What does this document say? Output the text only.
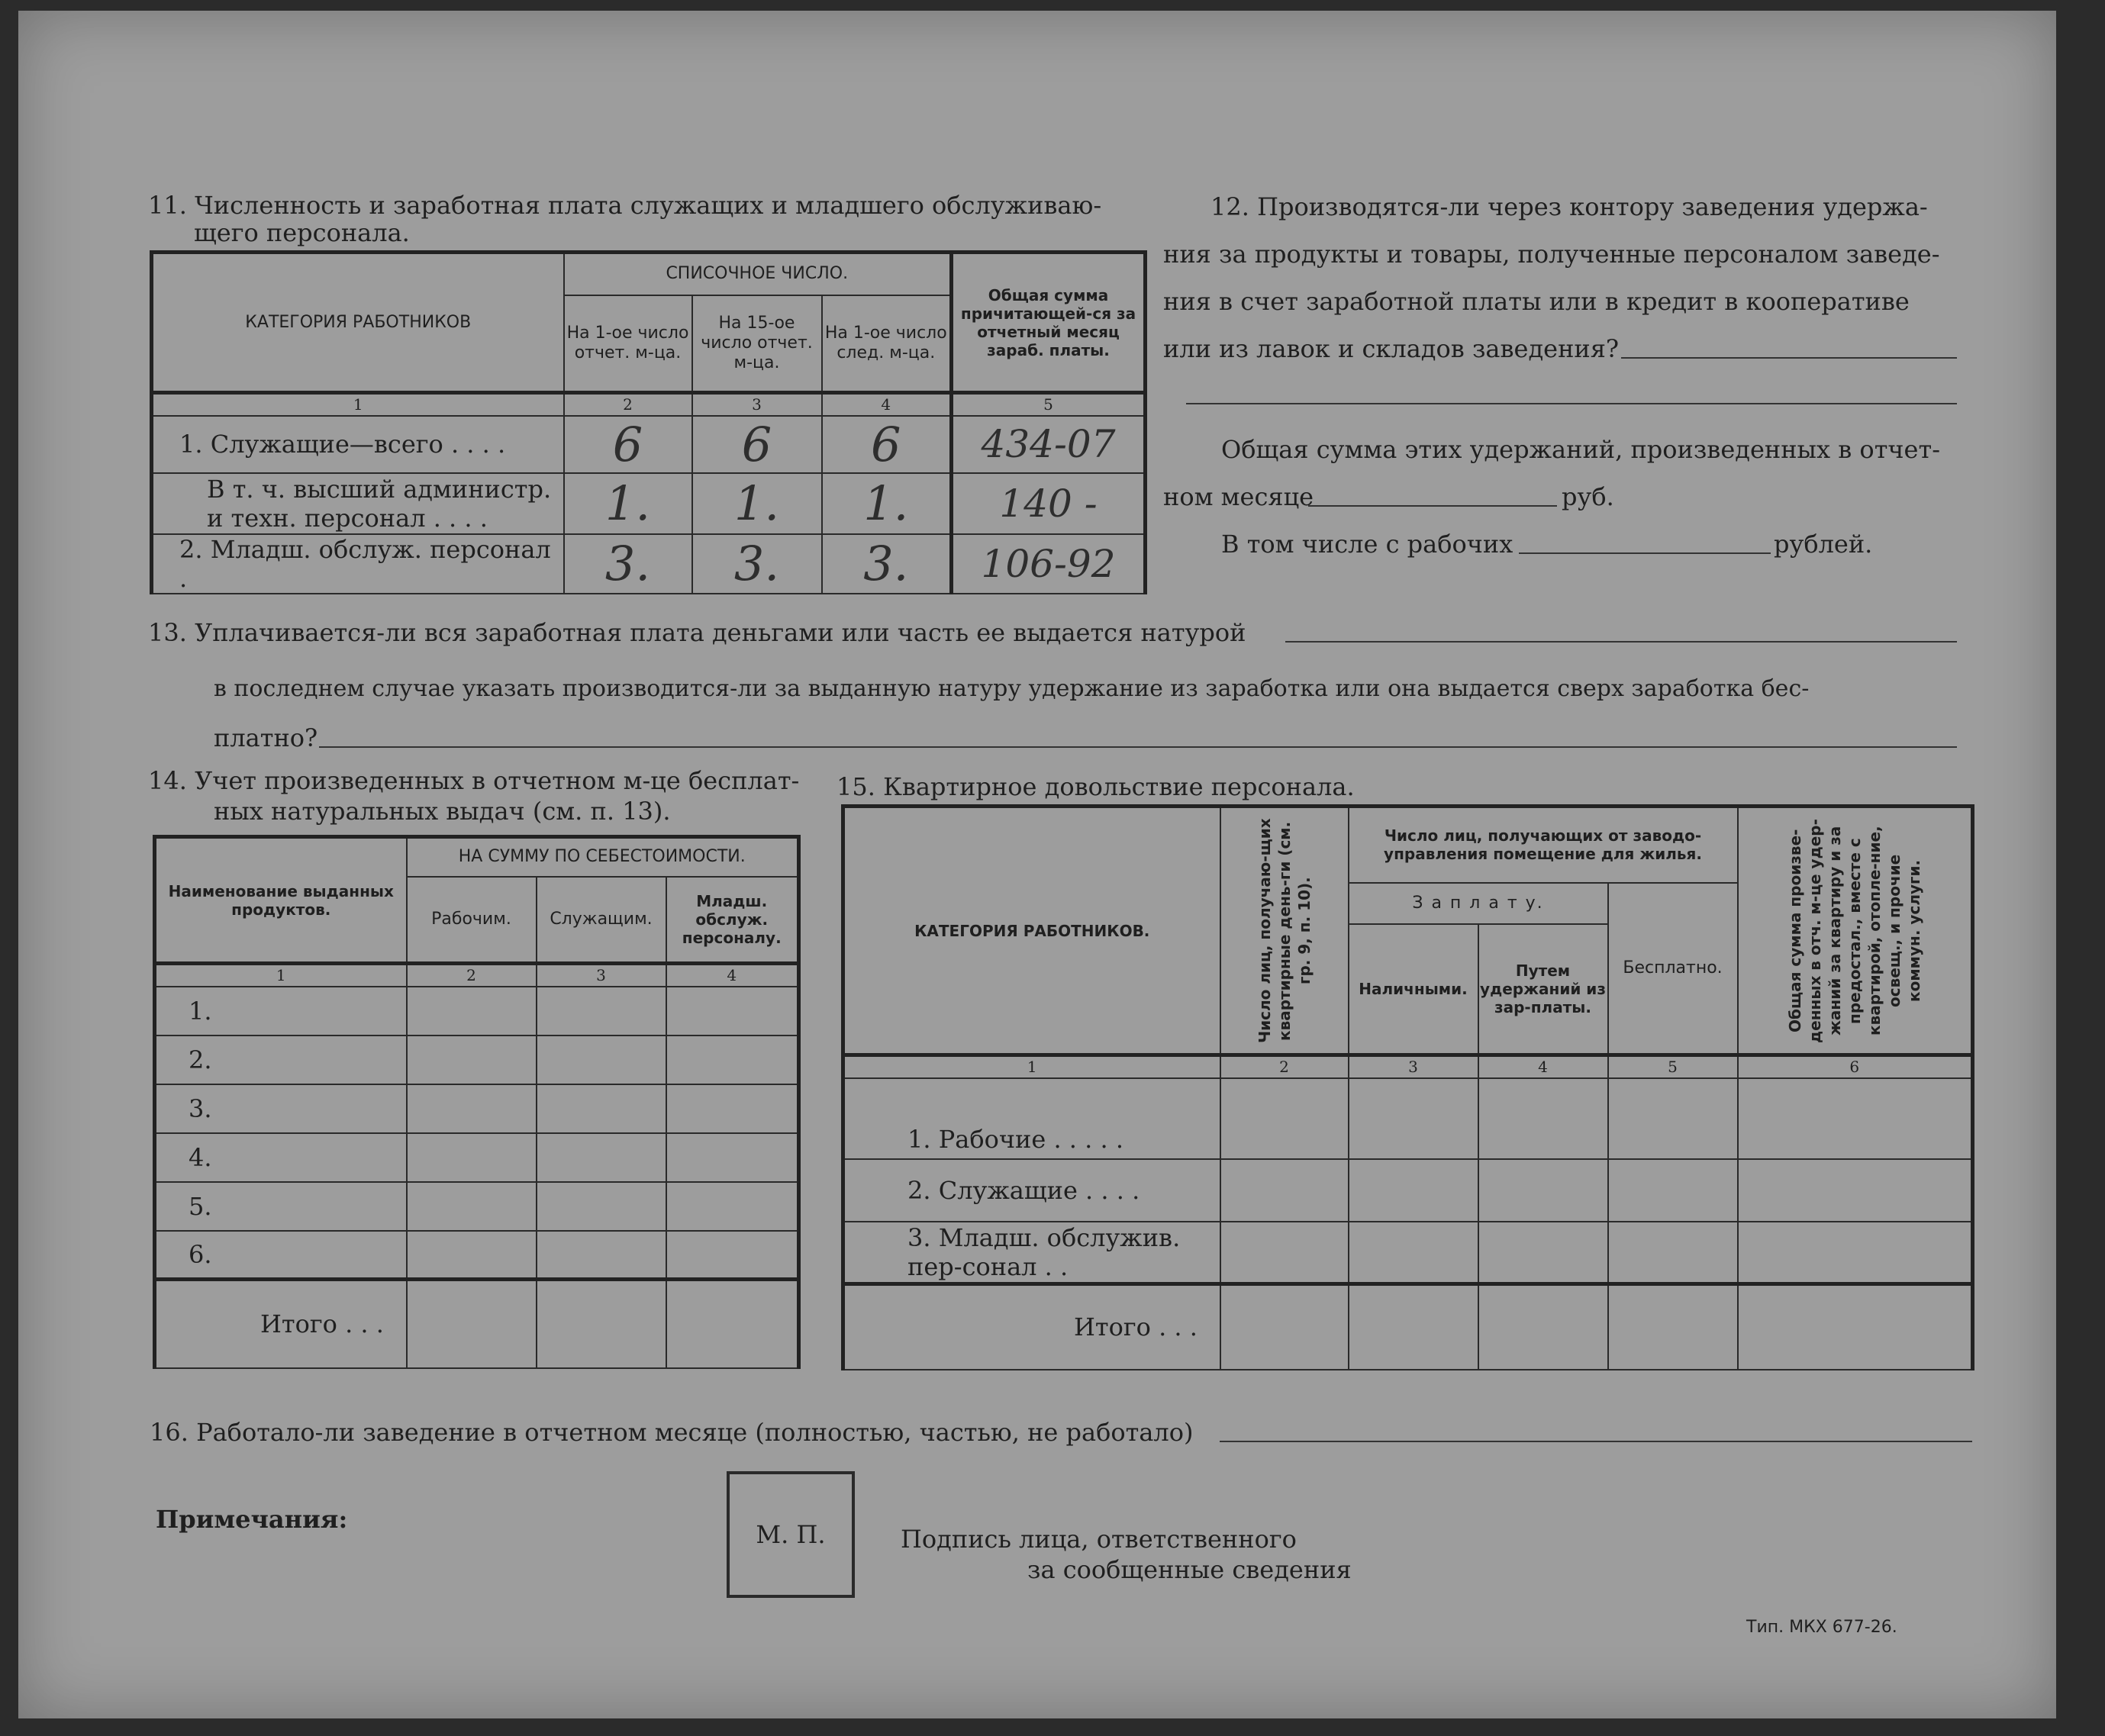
11. Численность и заработная плата служащих и младшего обслуживаю-
щего персонала.
КАТЕГОРИЯ РАБОТНИКОВ	СПИСОЧНОЕ ЧИСЛО.			Общая сумма причитающей-ся за отчетный месяц зараб. платы.
	На 1-ое число отчет. м-ца.	На 15-ое число отчет. м-ца.	На 1-ое число след. м-ца.	
1	2	3	4	5
1. Служащие—всего . . . .	6	6	6	434-07
В т. ч. высший администр. и техн. персонал . . . .	1.	1.	1.	140 -
2. Младш. обслуж. персонал .	3.	3.	3.	106-92
12. Производятся-ли через контору заведения удержа-
ния за продукты и товары, полученные персоналом заведе-
ния в счет заработной платы или в кредит в кооперативе
или из лавок и складов заведения?
Общая сумма этих удержаний, произведенных в отчет-
ном месяце	руб.
В том числе с рабочих	рублей.
13. Уплачивается-ли вся заработная плата деньгами или часть ее выдается натурой
в последнем случае указать производится-ли за выданную натуру удержание из заработка или она выдается сверх заработка бес-
платно?
14. Учет произведенных в отчетном м-це бесплат-
ных натуральных выдач (см. п. 13).
Наименование выданных продуктов.	НА СУММУ ПО СЕБЕСТОИМОСТИ.		
	Рабочим.	Служащим.	Младш. обслуж. персоналу.
1	2	3	4
1.			
2.			
3.			
4.			
5.			
6.			
Итого . . .			
15. Квартирное довольствие персонала.
КАТЕГОРИЯ РАБОТНИКОВ.	Число лиц, получаю-щих квартирные день-ги (см. гр. 9, п. 10).	Число лиц, получающих от заводо-управления помещение для жилья.			Общая сумма произве-денных в отч. м-це удер-жаний за квартиру и за предостал., вместе с квартирой, отопле-ние, освещ., и прочие коммун. услуги.

		З а п л а т у.		Бесплатно.	
		Наличными.	Путем удержаний из зар-платы.		
1	2	3	4	5	6
1. Рабочие . . . . .					
2. Служащие . . . .					
3. Младш. обслужив. пер-сонал . .					
Итого . . .					
16. Работало-ли заведение в отчетном месяце (полностью, частью, не работало)
Примечания:
М. П.	Подпись лица, ответственного
за сообщенные сведения
Тип. МКХ 677-26.
